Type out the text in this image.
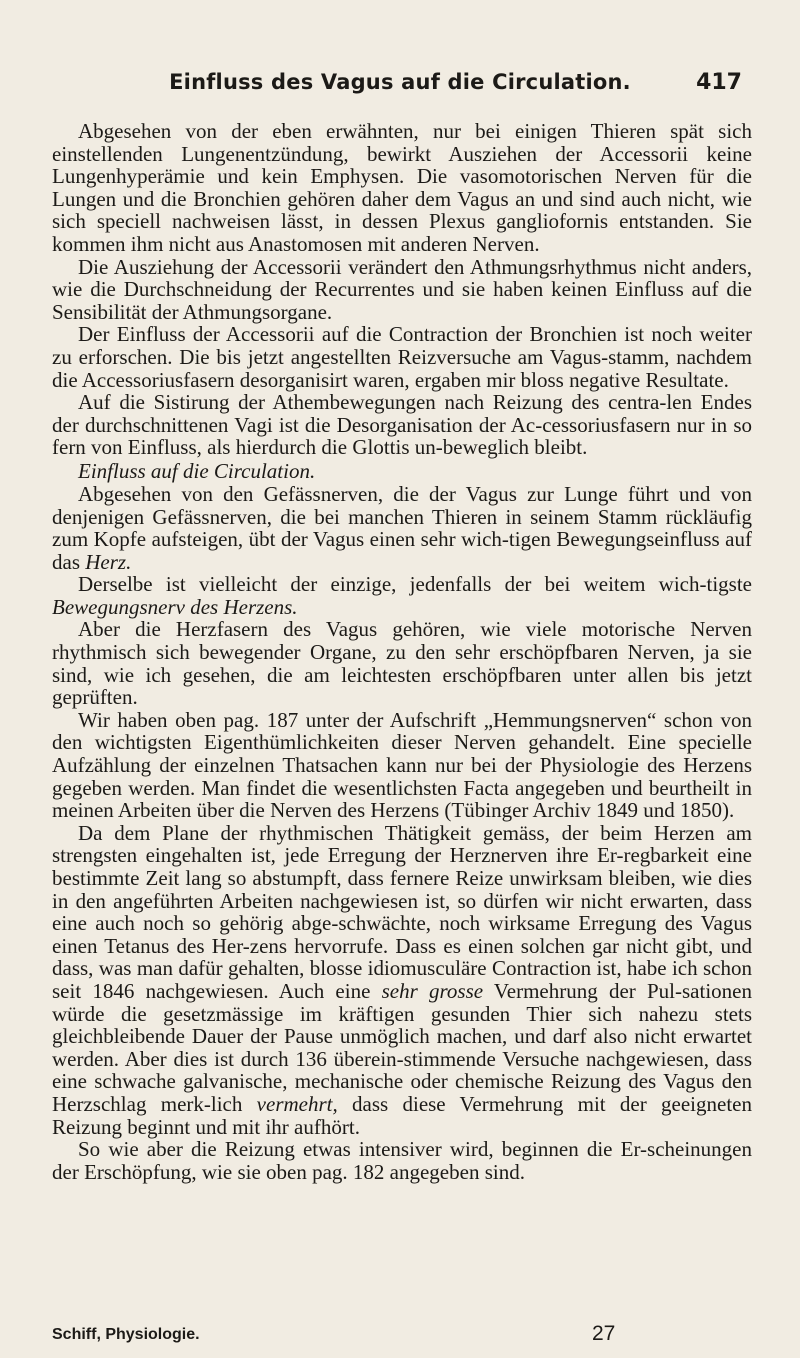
Einfluss des Vagus auf die Circulation.	417

Abgesehen von der eben erwähnten, nur bei einigen Thieren spät sich einstellenden Lungenentzündung, bewirkt Ausziehen der Accessorii keine Lungenhyperämie und kein Emphysen. Die vasomotorischen Nerven für die Lungen und die Bronchien gehören daher dem Vagus an und sind auch nicht, wie sich speciell nachweisen lässt, in dessen Plexus gangliofornis entstanden. Sie kommen ihm nicht aus Anastomosen mit anderen Nerven.

Die Ausziehung der Accessorii verändert den Athmungsrhythmus nicht anders, wie die Durchschneidung der Recurrentes und sie haben keinen Einfluss auf die Sensibilität der Athmungsorgane.

Der Einfluss der Accessorii auf die Contraction der Bronchien ist noch weiter zu erforschen. Die bis jetzt angestellten Reizversuche am Vagus-stamm, nachdem die Accessoriusfasern desorganisirt waren, ergaben mir bloss negative Resultate.

Auf die Sistirung der Athembewegungen nach Reizung des centra-len Endes der durchschnittenen Vagi ist die Desorganisation der Ac-cessoriusfasern nur in so fern von Einfluss, als hierdurch die Glottis un-beweglich bleibt.

Einfluss auf die Circulation.

Abgesehen von den Gefässnerven, die der Vagus zur Lunge führt und von denjenigen Gefässnerven, die bei manchen Thieren in seinem Stamm rückläufig zum Kopfe aufsteigen, übt der Vagus einen sehr wich-tigen Bewegungseinfluss auf das Herz.

Derselbe ist vielleicht der einzige, jedenfalls der bei weitem wich-tigste Bewegungsnerv des Herzens.

Aber die Herzfasern des Vagus gehören, wie viele motorische Nerven rhythmisch sich bewegender Organe, zu den sehr erschöpfbaren Nerven, ja sie sind, wie ich gesehen, die am leichtesten erschöpfbaren unter allen bis jetzt geprüften.

Wir haben oben pag. 187 unter der Aufschrift „Hemmungsnerven“ schon von den wichtigsten Eigenthümlichkeiten dieser Nerven gehandelt. Eine specielle Aufzählung der einzelnen Thatsachen kann nur bei der Physiologie des Herzens gegeben werden. Man findet die wesentlichsten Facta angegeben und beurtheilt in meinen Arbeiten über die Nerven des Herzens (Tübinger Archiv 1849 und 1850).

Da dem Plane der rhythmischen Thätigkeit gemäss, der beim Herzen am strengsten eingehalten ist, jede Erregung der Herznerven ihre Er-regbarkeit eine bestimmte Zeit lang so abstumpft, dass fernere Reize unwirksam bleiben, wie dies in den angeführten Arbeiten nachgewiesen ist, so dürfen wir nicht erwarten, dass eine auch noch so gehörig abge-schwächte, noch wirksame Erregung des Vagus einen Tetanus des Her-zens hervorrufe. Dass es einen solchen gar nicht gibt, und dass, was man dafür gehalten, blosse idiomusculäre Contraction ist, habe ich schon seit 1846 nachgewiesen. Auch eine sehr grosse Vermehrung der Pul-sationen würde die gesetzmässige im kräftigen gesunden Thier sich nahezu stets gleichbleibende Dauer der Pause unmöglich machen, und darf also nicht erwartet werden. Aber dies ist durch 136 überein-stimmende Versuche nachgewiesen, dass eine schwache galvanische, mechanische oder chemische Reizung des Vagus den Herzschlag merk-lich vermehrt, dass diese Vermehrung mit der geeigneten Reizung beginnt und mit ihr aufhört.

So wie aber die Reizung etwas intensiver wird, beginnen die Er-scheinungen der Erschöpfung, wie sie oben pag. 182 angegeben sind.

Schiff, Physiologie.	27
